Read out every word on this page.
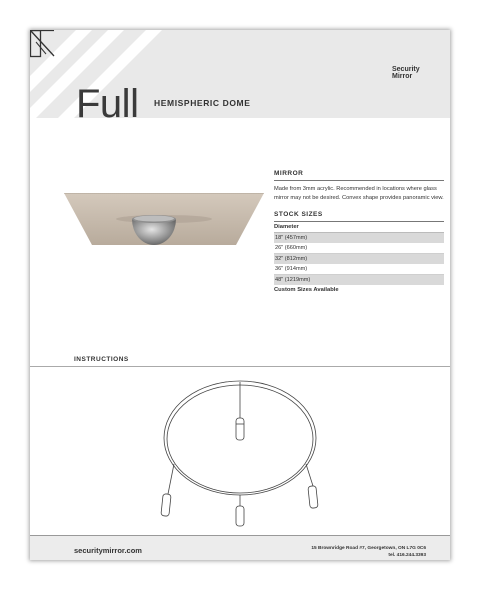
Full HEMISPHERIC DOME
Security
Mirror
MIRROR
Made from 3mm acrylic. Recommended in locations where glass mirror may not be desired. Convex shape provides panoramic view.
STOCK SIZES
Diameter
18" (457mm)
26" (660mm)
32" (812mm)
36" (914mm)
48" (1219mm)
Custom Sizes Available
INSTRUCTIONS
securitymirror.com	15 Brownridge Road #7, Georgetown, ON L7G 0C6
tel. 416.244.3393
